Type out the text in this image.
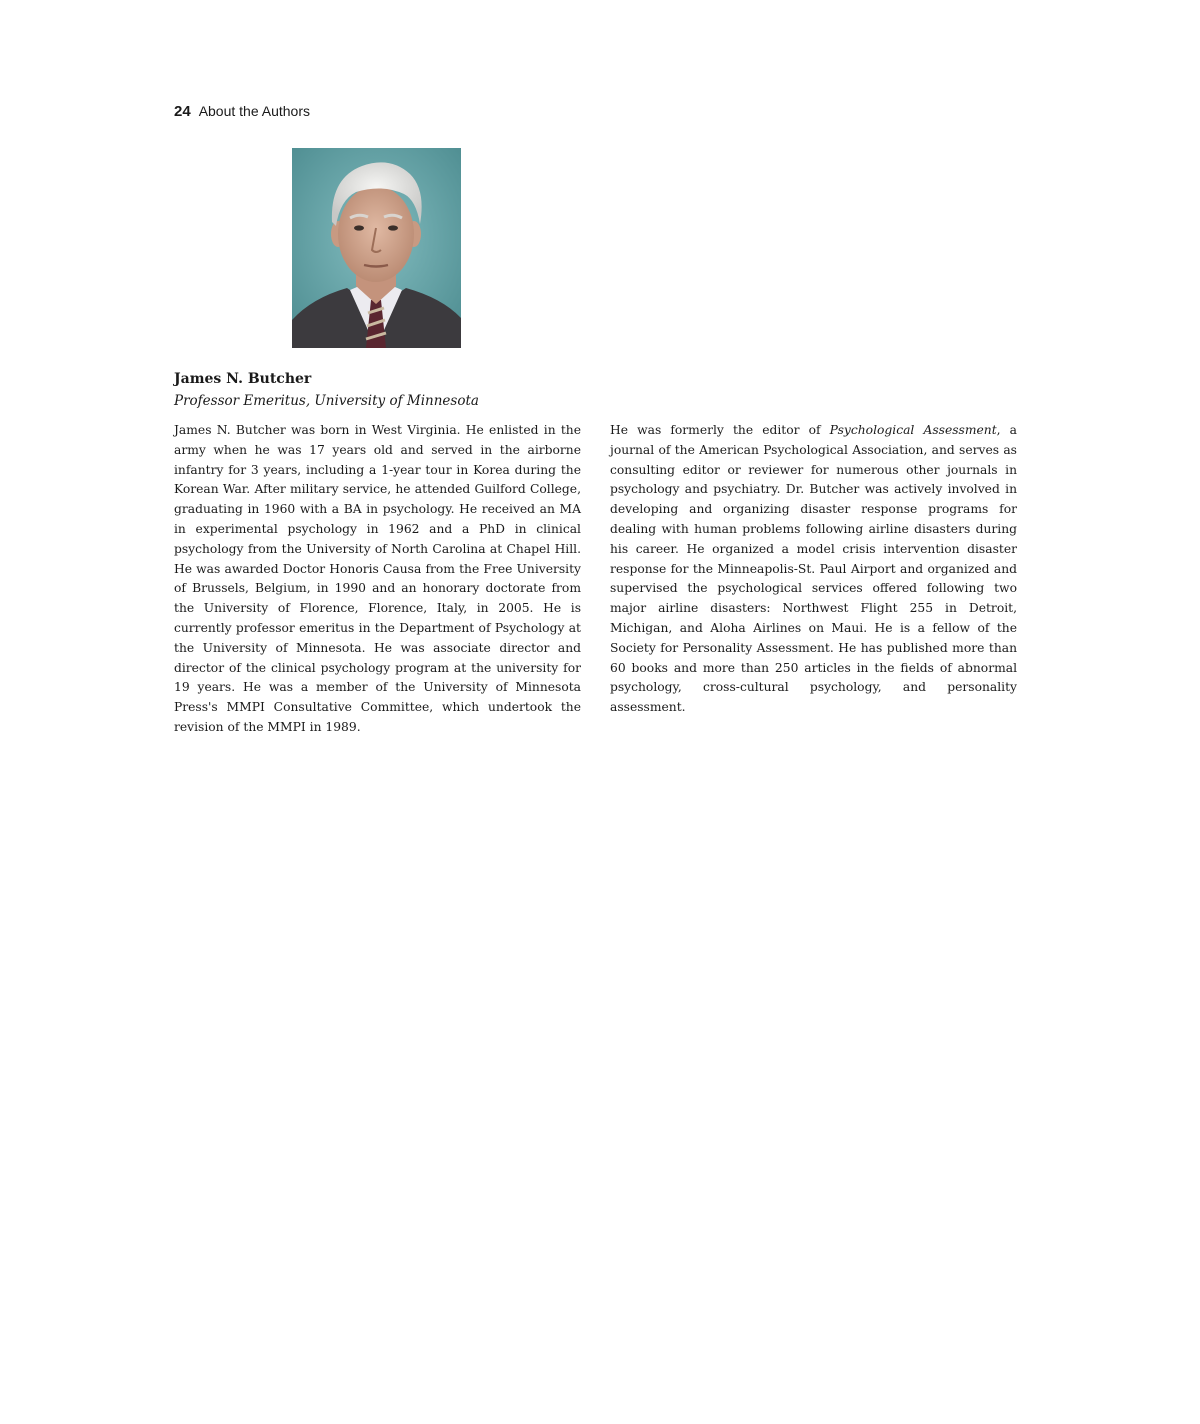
24 About the Authors
James N. Butcher
Professor Emeritus, University of Minnesota

James N. Butcher was born in West Virginia. He enlisted in the army when he was 17 years old and served in the airborne infantry for 3 years, including a 1-year tour in Korea during the Korean War. After military service, he attended Guilford College, graduating in 1960 with a BA in psychology. He received an MA in experimental psychology in 1962 and a PhD in clinical psychology from the University of North Carolina at Chapel Hill. He was awarded Doctor Honoris Causa from the Free University of Brussels, Belgium, in 1990 and an honorary doctorate from the University of Florence, Florence, Italy, in 2005. He is currently professor emeritus in the Department of Psychology at the University of Minnesota. He was associate director and director of the clinical psychology program at the university for 19 years. He was a member of the University of Minnesota Press's MMPI Consultative Committee, which undertook the revision of the MMPI in 1989.

He was formerly the editor of Psychological Assessment, a journal of the American Psychological Association, and serves as consulting editor or reviewer for numerous other journals in psychology and psychiatry. Dr. Butcher was actively involved in developing and organizing disaster response programs for dealing with human problems following airline disasters during his career. He organized a model crisis intervention disaster response for the Minneapolis-St. Paul Airport and organized and supervised the psychological services offered following two major airline disasters: Northwest Flight 255 in Detroit, Michigan, and Aloha Airlines on Maui. He is a fellow of the Society for Personality Assessment. He has published more than 60 books and more than 250 articles in the fields of abnormal psychology, cross-cultural psychology, and personality assessment.
